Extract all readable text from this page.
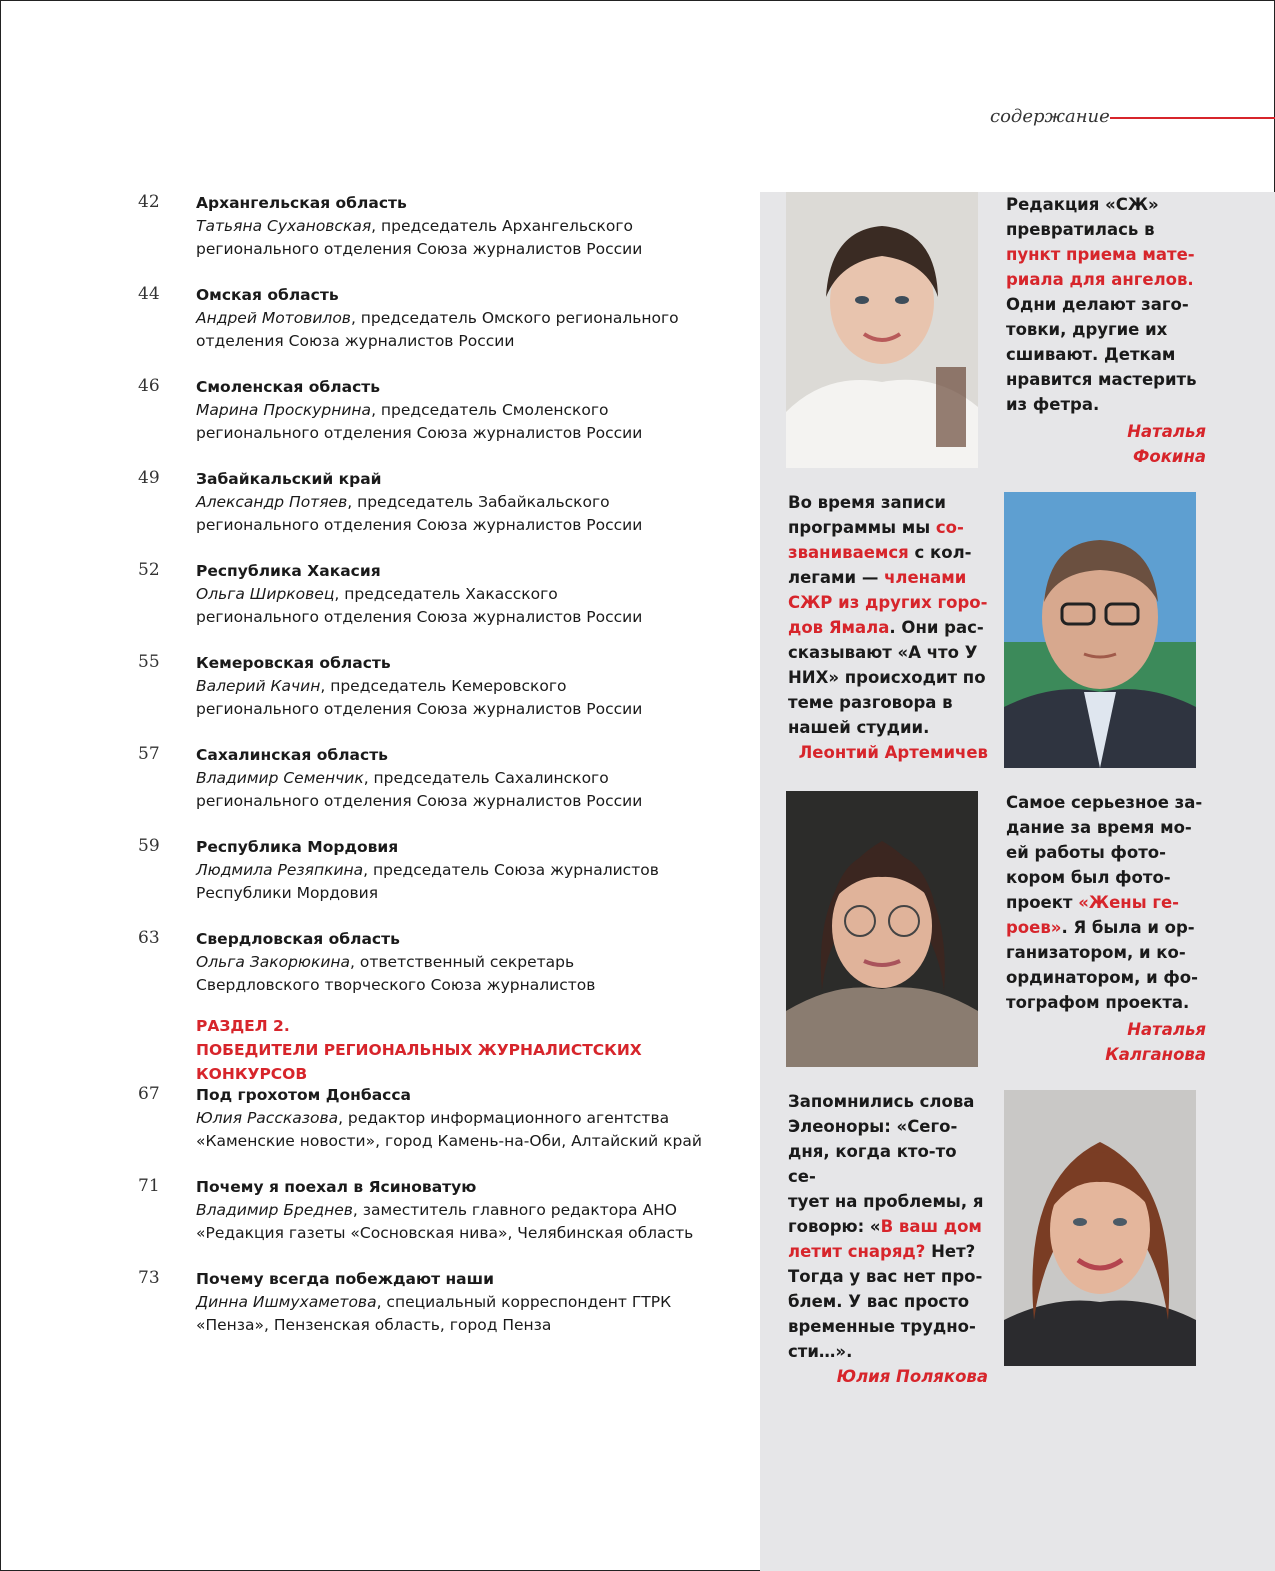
содержание
42	Архангельская область
Татьяна Сухановская, председатель Архангельского
регионального отделения Союза журналистов России
44	Омская область
Андрей Мотовилов, председатель Омского регионального
отделения Союза журналистов России
46	Смоленская область
Марина Проскурнина, председатель Смоленского
регионального отделения Союза журналистов России
49	Забайкальский край
Александр Потяев, председатель Забайкальского
регионального отделения Союза журналистов России
52	Республика Хакасия
Ольга Ширковец, председатель Хакасского
регионального отделения Союза журналистов России
55	Кемеровская область
Валерий Качин, председатель Кемеровского
регионального отделения Союза журналистов России
57	Сахалинская область
Владимир Семенчик, председатель Сахалинского
регионального отделения Союза журналистов России
59	Республика Мордовия
Людмила Резяпкина, председатель Союза журналистов
Республики Мордовия
63	Свердловская область
Ольга Закорюкина, ответственный секретарь
Свердловского творческого Союза журналистов
РАЗДЕЛ 2.
ПОБЕДИТЕЛИ РЕГИОНАЛЬНЫХ ЖУРНАЛИСТСКИХ КОНКУРСОВ
67	Под грохотом Донбасса
Юлия Рассказова, редактор информационного агентства
«Каменские новости», город Камень-на-Оби, Алтайский край
71	Почему я поехал в Ясиноватую
Владимир Бреднев, заместитель главного редактора АНО
«Редакция газеты «Сосновская нива», Челябинская область
73	Почему всегда побеждают наши
Динна Ишмухаметова, специальный корреспондент ГТРК
«Пенза», Пензенская область, город Пенза
Редакция «СЖ»
превратилась в
пункт приема мате-
риала для ангелов.
Одни делают заго-
товки, другие их
сшивают. Деткам
нравится мастерить
из фетра.
Наталья
Фокина
Во время записи
программы мы со-
званиваемся с кол-
легами — членами
СЖР из других горо-
дов Ямала. Они рас-
сказывают «А что У
НИХ» происходит по
теме разговора в
нашей студии.
Леонтий Артемичев
Самое серьезное за-
дание за время мо-
ей работы фото-
кором был фото-
проект «Жены ге-
роев». Я была и ор-
ганизатором, и ко-
ординатором, и фо-
тографом проекта.
Наталья
Калганова
Запомнились слова
Элеоноры: «Сего-
дня, когда кто-то се-
тует на проблемы, я
говорю: «В ваш дом
летит снаряд? Нет?
Тогда у вас нет про-
блем. У вас просто
временные трудно-
сти…».
Юлия Полякова
